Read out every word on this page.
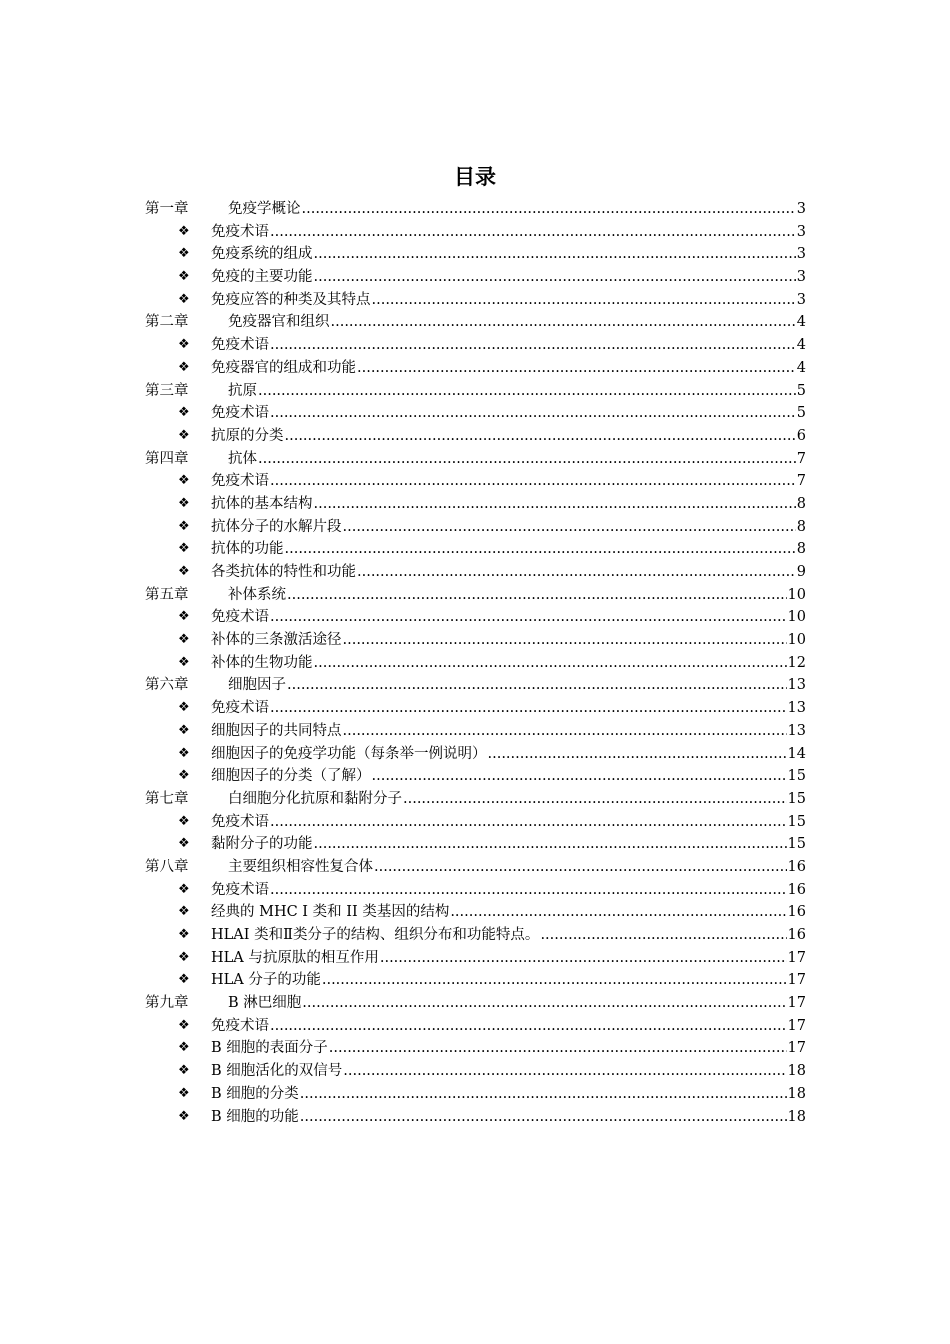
目录
第一章	免疫学概论 .....	3
❖ 免疫术语 .....	3
❖ 免疫系统的组成 .....	3
❖ 免疫的主要功能 .....	3
❖ 免疫应答的种类及其特点 .....	3
第二章	免疫器官和组织 .....	4
❖ 免疫术语 .....	4
❖ 免疫器官的组成和功能 .....	4
第三章	抗原 .....	5
❖ 免疫术语 .....	5
❖ 抗原的分类 .....	6
第四章	抗体 .....	7
❖ 免疫术语 .....	7
❖ 抗体的基本结构 .....	8
❖ 抗体分子的水解片段 .....	8
❖ 抗体的功能 .....	8
❖ 各类抗体的特性和功能 .....	9
第五章	补体系统 .....	10
❖ 免疫术语 .....	10
❖ 补体的三条激活途径 .....	10
❖ 补体的生物功能 .....	12
第六章	细胞因子 .....	13
❖ 免疫术语 .....	13
❖ 细胞因子的共同特点 .....	13
❖ 细胞因子的免疫学功能（每条举一例说明） .....	14
❖ 细胞因子的分类（了解） .....	15
第七章	白细胞分化抗原和黏附分子 .....	15
❖ 免疫术语 .....	15
❖ 黏附分子的功能 .....	15
第八章	主要组织相容性复合体 .....	16
❖ 免疫术语 .....	16
❖ 经典的 MHC I 类和 II 类基因的结构 .....	16
❖ HLAⅠ 类和Ⅱ类分子的结构、组织分布和功能特点。 .....	16
❖ HLA 与抗原肽的相互作用 .....	17
❖ HLA 分子的功能 .....	17
第九章	B 淋巴细胞 .....	17
❖ 免疫术语 .....	17
❖ B 细胞的表面分子 .....	17
❖ B 细胞活化的双信号 .....	18
❖ B 细胞的分类 .....	18
❖ B 细胞的功能 .....	18
